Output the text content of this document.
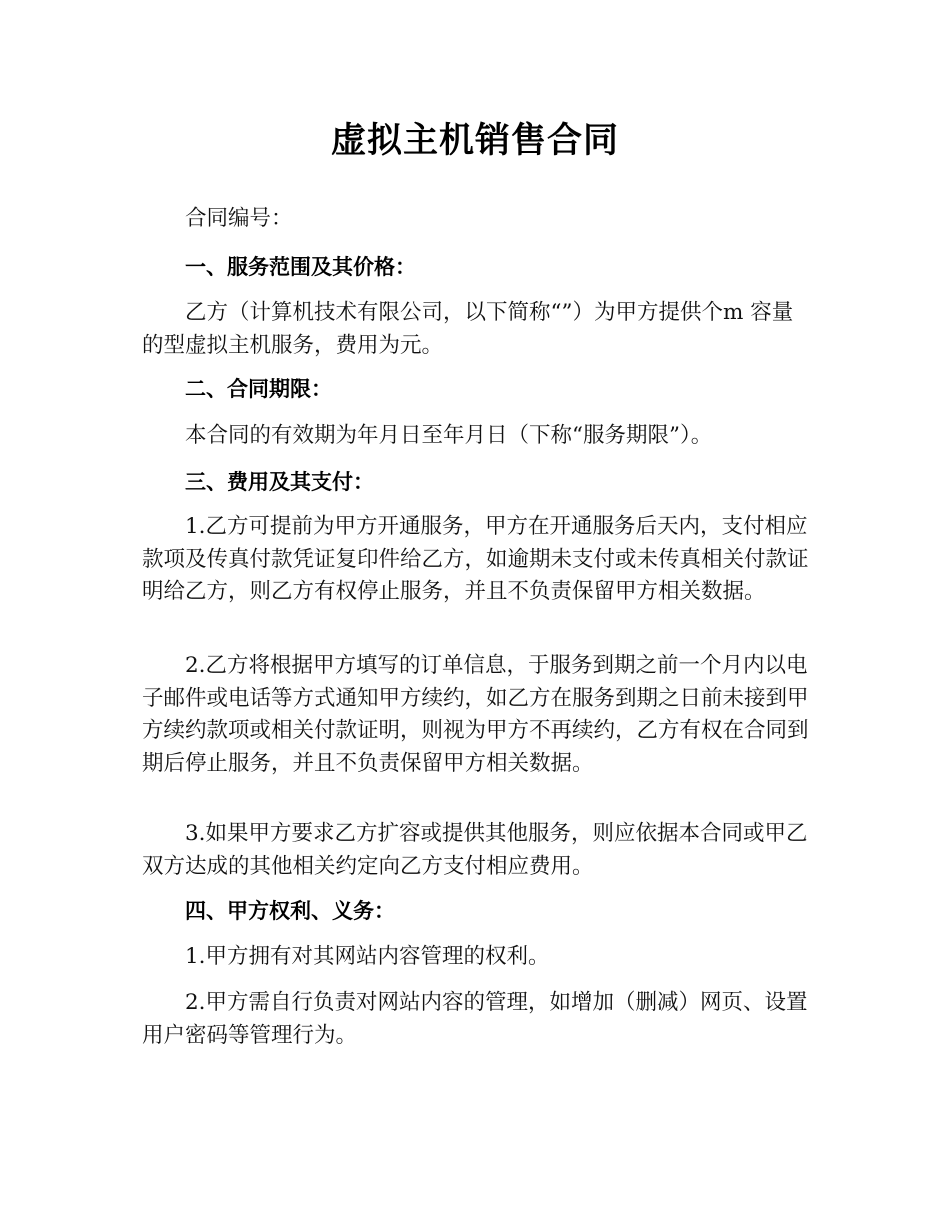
虚拟主机销售合同
合同编号：
一、服务范围及其价格：
乙方（计算机技术有限公司，以下简称“”）为甲方提供个m 容量的型虚拟主机服务，费用为元。
二、合同期限：
本合同的有效期为年月日至年月日（下称“服务期限”）。
三、费用及其支付：
1.乙方可提前为甲方开通服务，甲方在开通服务后天内，支付相应款项及传真付款凭证复印件给乙方，如逾期未支付或未传真相关付款证明给乙方，则乙方有权停止服务，并且不负责保留甲方相关数据。
2.乙方将根据甲方填写的订单信息，于服务到期之前一个月内以电子邮件或电话等方式通知甲方续约，如乙方在服务到期之日前未接到甲方续约款项或相关付款证明，则视为甲方不再续约，乙方有权在合同到期后停止服务，并且不负责保留甲方相关数据。
3.如果甲方要求乙方扩容或提供其他服务，则应依据本合同或甲乙双方达成的其他相关约定向乙方支付相应费用。
四、甲方权利、义务：
1.甲方拥有对其网站内容管理的权利。
2.甲方需自行负责对网站内容的管理，如增加（删减）网页、设置用户密码等管理行为。
